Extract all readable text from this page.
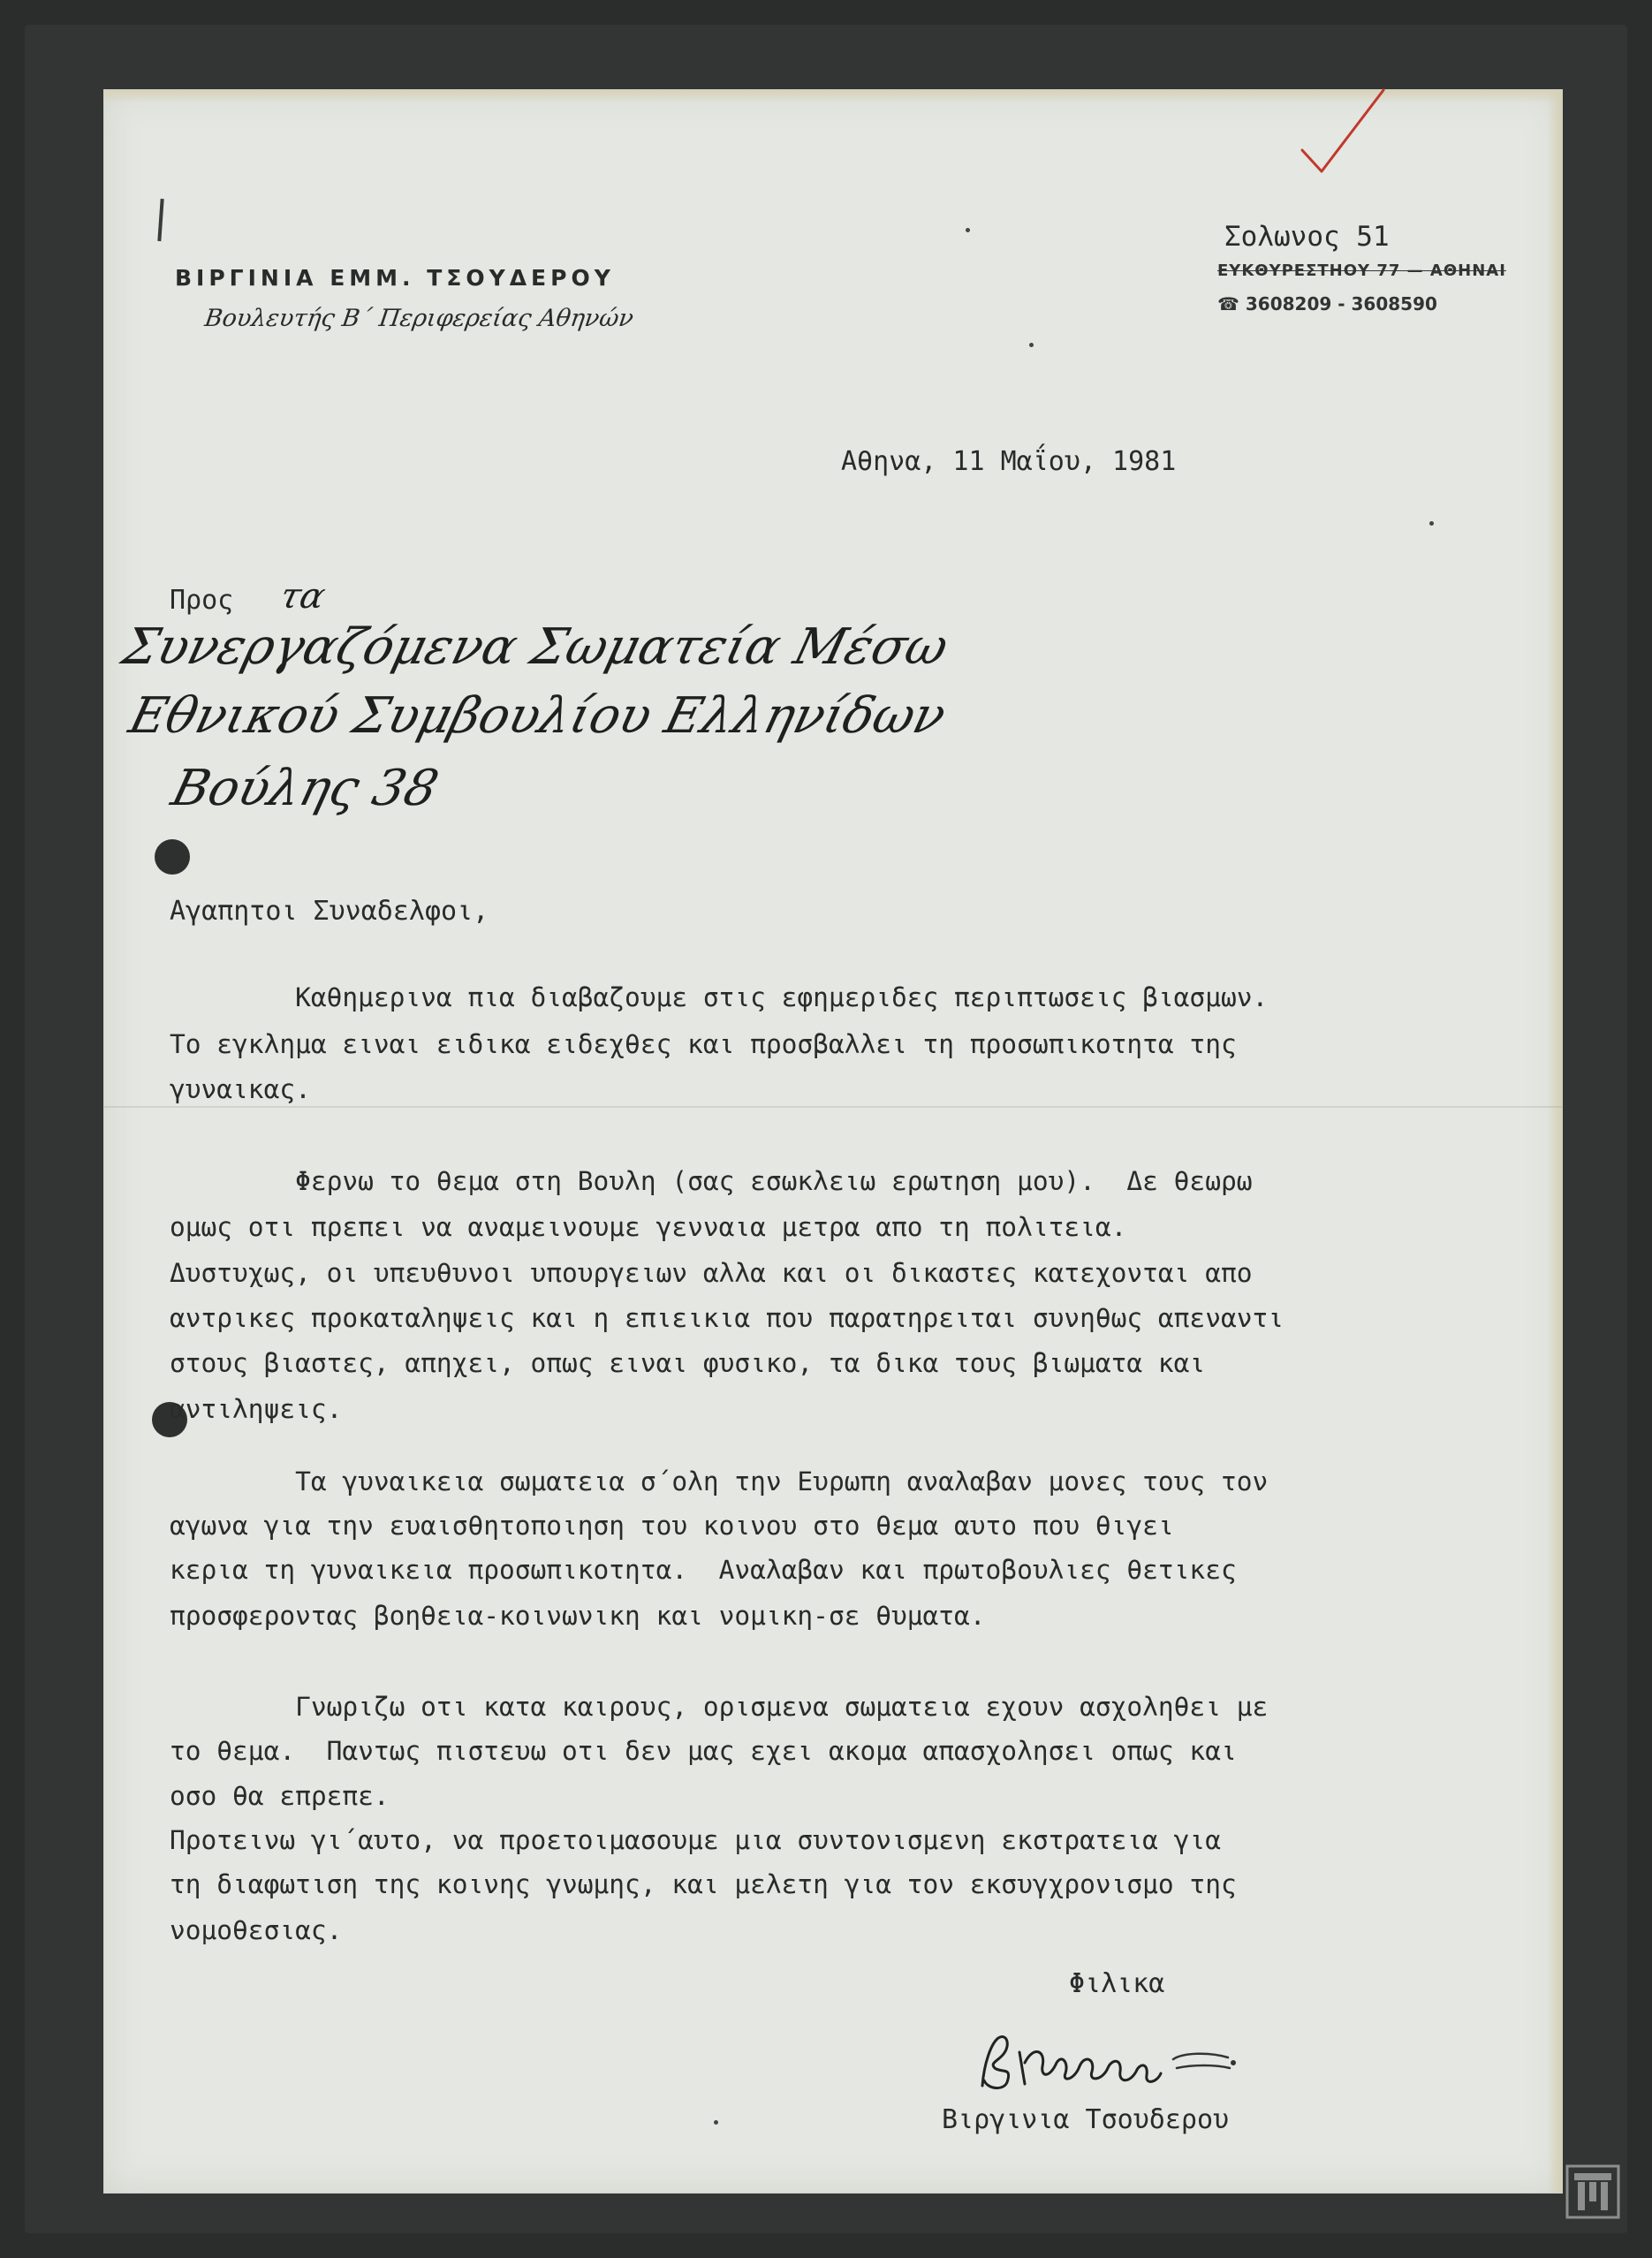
ΒΙΡΓΙΝΙΑ ΕΜΜ. ΤΣΟΥΔΕΡΟΥ
Βουλευτής Β΄ Περιφερείας Αθηνών
Σολωνος 51
ΕΥΚΘΥΡΕΣΤΗΟΥ 77 — ΑΘΗΝΑΙ
☎ 3608209 - 3608590
Αθηνα, 11 Μαΐου, 1981
Προς τα
Συνεργαζόμενα Σωματεία Μέσω
Εθνικού Συμβουλίου Ελληνίδων
Βούλης 38
Αγαπητοι Συναδελφοι,
Καθημερινα πια διαβαζουμε στις εφημεριδες περιπτωσεις βιασμων.
Το εγκλημα ειναι ειδικα ειδεχθες και προσβαλλει τη προσωπικοτητα της
γυναικας.
Φερνω το θεμα στη Βουλη (σας εσωκλειω ερωτηση μου).  Δε θεωρω
ομως οτι πρεπει να αναμεινουμε γενναια μετρα απο τη πολιτεια.
Δυστυχως, οι υπευθυνοι υπουργειων αλλα και οι δικαστες κατεχονται απο
αντρικες προκαταληψεις και η επιεικια που παρατηρειται συνηθως απεναντι
στους βιαστες, απηχει, οπως ειναι φυσικο, τα δικα τους βιωματα και
αντιληψεις.
Τα γυναικεια σωματεια σ΄ολη την Ευρωπη αναλαβαν μονες τους τον
αγωνα για την ευαισθητοποιηση του κοινου στο θεμα αυτο που θιγει
κερια τη γυναικεια προσωπικοτητα.  Αναλαβαν και πρωτοβουλιες θετικες
προσφεροντας βοηθεια-κοινωνικη και νομικη-σε θυματα.
Γνωριζω οτι κατα καιρους, ορισμενα σωματεια εχουν ασχοληθει με
το θεμα.  Παντως πιστευω οτι δεν μας εχει ακομα απασχολησει οπως και
οσο θα επρεπε.
Προτεινω γι΄αυτο, να προετοιμασουμε μια συντονισμενη εκστρατεια για
τη διαφωτιση της κοινης γνωμης, και μελετη για τον εκσυγχρονισμο της
νομοθεσιας.
Φιλικα
Βιργινια Τσουδερου
